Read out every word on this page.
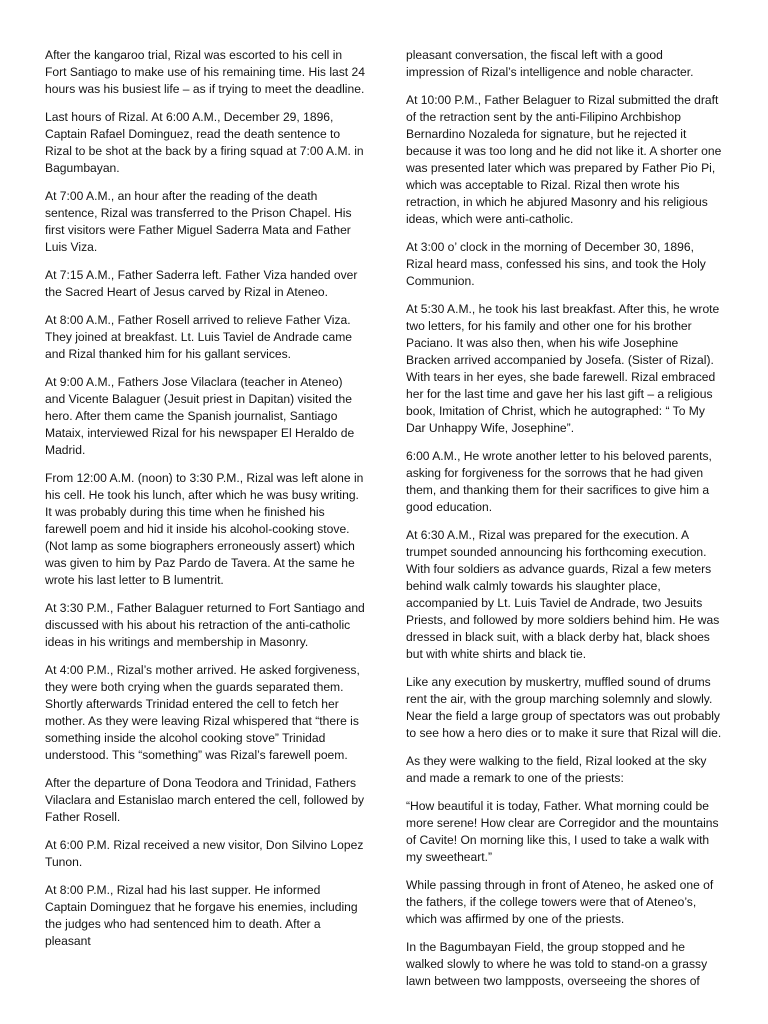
After the kangaroo trial, Rizal was escorted to his cell in Fort Santiago to make use of his remaining time. His last 24 hours was his busiest life – as if trying to meet the deadline.

Last hours of Rizal. At 6:00 A.M., December 29, 1896, Captain Rafael Dominguez, read the death sentence to Rizal to be shot at the back by a firing squad at 7:00 A.M. in Bagumbayan.

At 7:00 A.M., an hour after the reading of the death sentence, Rizal was transferred to the Prison Chapel. His first visitors were Father Miguel Saderra Mata and Father Luis Viza.

At 7:15 A.M., Father Saderra left. Father Viza handed over the Sacred Heart of Jesus carved by Rizal in Ateneo.

At 8:00 A.M., Father Rosell arrived to relieve Father Viza. They joined at breakfast. Lt. Luis Taviel de Andrade came and Rizal thanked him for his gallant services.

At 9:00 A.M., Fathers Jose Vilaclara (teacher in Ateneo) and Vicente Balaguer (Jesuit priest in Dapitan) visited the hero. After them came the Spanish journalist, Santiago Mataix, interviewed Rizal for his newspaper El Heraldo de Madrid.

From 12:00 A.M. (noon) to 3:30 P.M., Rizal was left alone in his cell. He took his lunch, after which he was busy writing. It was probably during this time when he finished his farewell poem and hid it inside his alcohol-cooking stove. (Not lamp as some biographers erroneously assert) which was given to him by Paz Pardo de Tavera. At the same he wrote his last letter to B lumentrit.

At 3:30 P.M., Father Balaguer returned to Fort Santiago and discussed with his about his retraction of the anti-catholic ideas in his writings and membership in Masonry.

At 4:00 P.M., Rizal’s mother arrived. He asked forgiveness, they were both crying when the guards separated them. Shortly afterwards Trinidad entered the cell to fetch her mother. As they were leaving Rizal whispered that “there is something inside the alcohol cooking stove” Trinidad understood. This “something” was Rizal’s farewell poem.

After the departure of Dona Teodora and Trinidad, Fathers Vilaclara and Estanislao march entered the cell, followed by Father Rosell.

At 6:00 P.M. Rizal received a new visitor, Don Silvino Lopez Tunon.

At 8:00 P.M., Rizal had his last supper. He informed Captain Dominguez that he forgave his enemies, including the judges who had sentenced him to death. After a pleasant

pleasant conversation, the fiscal left with a good impression of Rizal’s intelligence and noble character.

At 10:00 P.M., Father Belaguer to Rizal submitted the draft of the retraction sent by the anti-Filipino Archbishop Bernardino Nozaleda for signature, but he rejected it because it was too long and he did not like it. A shorter one was presented later which was prepared by Father Pio Pi, which was acceptable to Rizal. Rizal then wrote his retraction, in which he abjured Masonry and his religious ideas, which were anti-catholic.

At 3:00 o’ clock in the morning of December 30, 1896, Rizal heard mass, confessed his sins, and took the Holy Communion.

At 5:30 A.M., he took his last breakfast. After this, he wrote two letters, for his family and other one for his brother Paciano. It was also then, when his wife Josephine Bracken arrived accompanied by Josefa. (Sister of Rizal). With tears in her eyes, she bade farewell. Rizal embraced her for the last time and gave her his last gift – a religious book, Imitation of Christ, which he autographed: “ To My Dar Unhappy Wife, Josephine”.

6:00 A.M., He wrote another letter to his beloved parents, asking for forgiveness for the sorrows that he had given them, and thanking them for their sacrifices to give him a good education.

At 6:30 A.M., Rizal was prepared for the execution. A trumpet sounded announcing his forthcoming execution. With four soldiers as advance guards, Rizal a few meters behind walk calmly towards his slaughter place, accompanied by Lt. Luis Taviel de Andrade, two Jesuits Priests, and followed by more soldiers behind him. He was dressed in black suit, with a black derby hat, black shoes but with white shirts and black tie.

Like any execution by muskertry, muffled sound of drums rent the air, with the group marching solemnly and slowly. Near the field a large group of spectators was out probably to see how a hero dies or to make it sure that Rizal will die.

As they were walking to the field, Rizal looked at the sky and made a remark to one of the priests:

“How beautiful it is today, Father. What morning could be more serene! How clear are Corregidor and the mountains of Cavite! On morning like this, I used to take a walk with my sweetheart.”

While passing through in front of Ateneo, he asked one of the fathers, if the college towers were that of Ateneo’s, which was affirmed by one of the priests.

In the Bagumbayan Field, the group stopped and he walked slowly to where he was told to stand-on a grassy lawn between two lampposts, overseeing the shores of
